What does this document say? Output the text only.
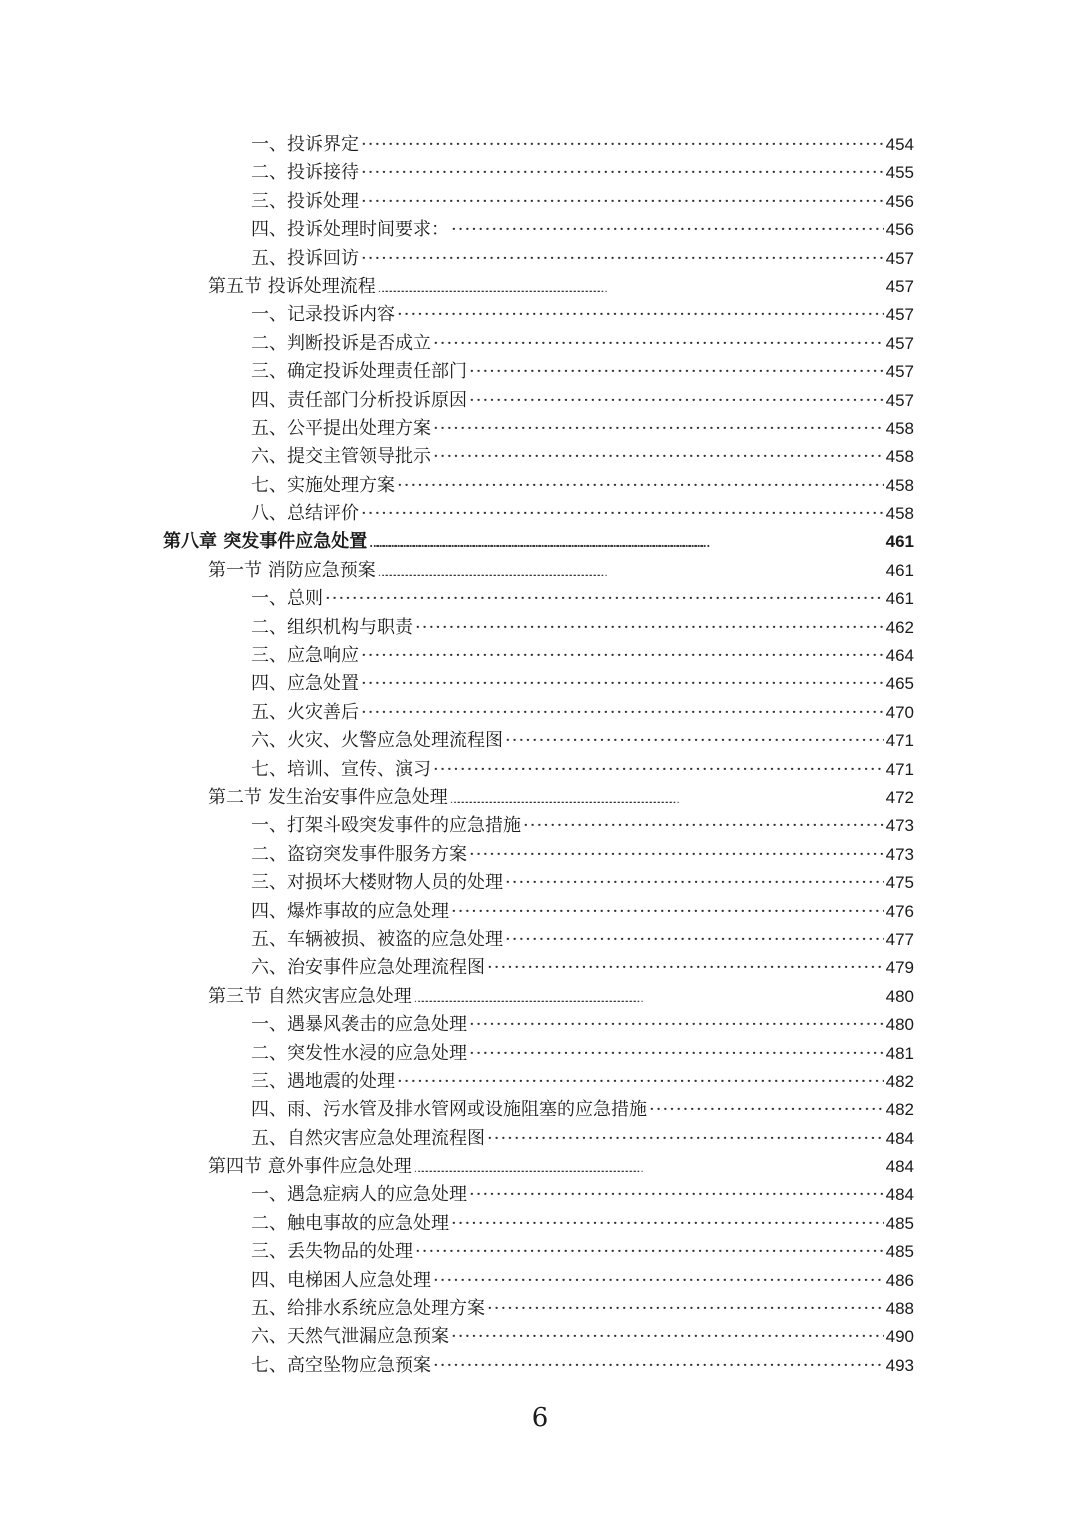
一、投诉界定 ·····	454
二、投诉接待 ·····	455
三、投诉处理 ·····	456
四、投诉处理时间要求： ·····	456
五、投诉回访 ·····	457
第五节 投诉处理流程 ……………………………………………………………………………………………………………………………………………………	457
一、记录投诉内容 ·····	457
二、判断投诉是否成立 ·····	457
三、确定投诉处理责任部门 ·····	457
四、责任部门分析投诉原因 ·····	457
五、公平提出处理方案 ·····	458
六、提交主管领导批示 ·····	458
七、实施处理方案 ·····	458
八、总结评价 ·····	458
第八章 突发事件应急处置 ……………………………………………………………………………………………………………………………………………………	461
第一节 消防应急预案 ……………………………………………………………………………………………………………………………………………………	461
一、总则 ·····	461
二、组织机构与职责 ·····	462
三、应急响应 ·····	464
四、应急处置 ·····	465
五、火灾善后 ·····	470
六、火灾、火警应急处理流程图 ·····	471
七、培训、宣传、演习 ·····	471
第二节 发生治安事件应急处理 ……………………………………………………………………………………………………………………………………………………	472
一、打架斗殴突发事件的应急措施 ·····	473
二、盗窃突发事件服务方案 ·····	473
三、对损坏大楼财物人员的处理 ·····	475
四、爆炸事故的应急处理 ·····	476
五、车辆被损、被盗的应急处理 ·····	477
六、治安事件应急处理流程图 ·····	479
第三节 自然灾害应急处理 ……………………………………………………………………………………………………………………………………………………	480
一、遇暴风袭击的应急处理 ·····	480
二、突发性水浸的应急处理 ·····	481
三、遇地震的处理 ·····	482
四、雨、污水管及排水管网或设施阻塞的应急措施 ·····	482
五、自然灾害应急处理流程图 ·····	484
第四节 意外事件应急处理 ……………………………………………………………………………………………………………………………………………………	484
一、遇急症病人的应急处理 ·····	484
二、触电事故的应急处理 ·····	485
三、丢失物品的处理 ·····	485
四、电梯困人应急处理 ·····	486
五、给排水系统应急处理方案 ·····	488
六、天然气泄漏应急预案 ·····	490
七、高空坠物应急预案 ·····	493
6
